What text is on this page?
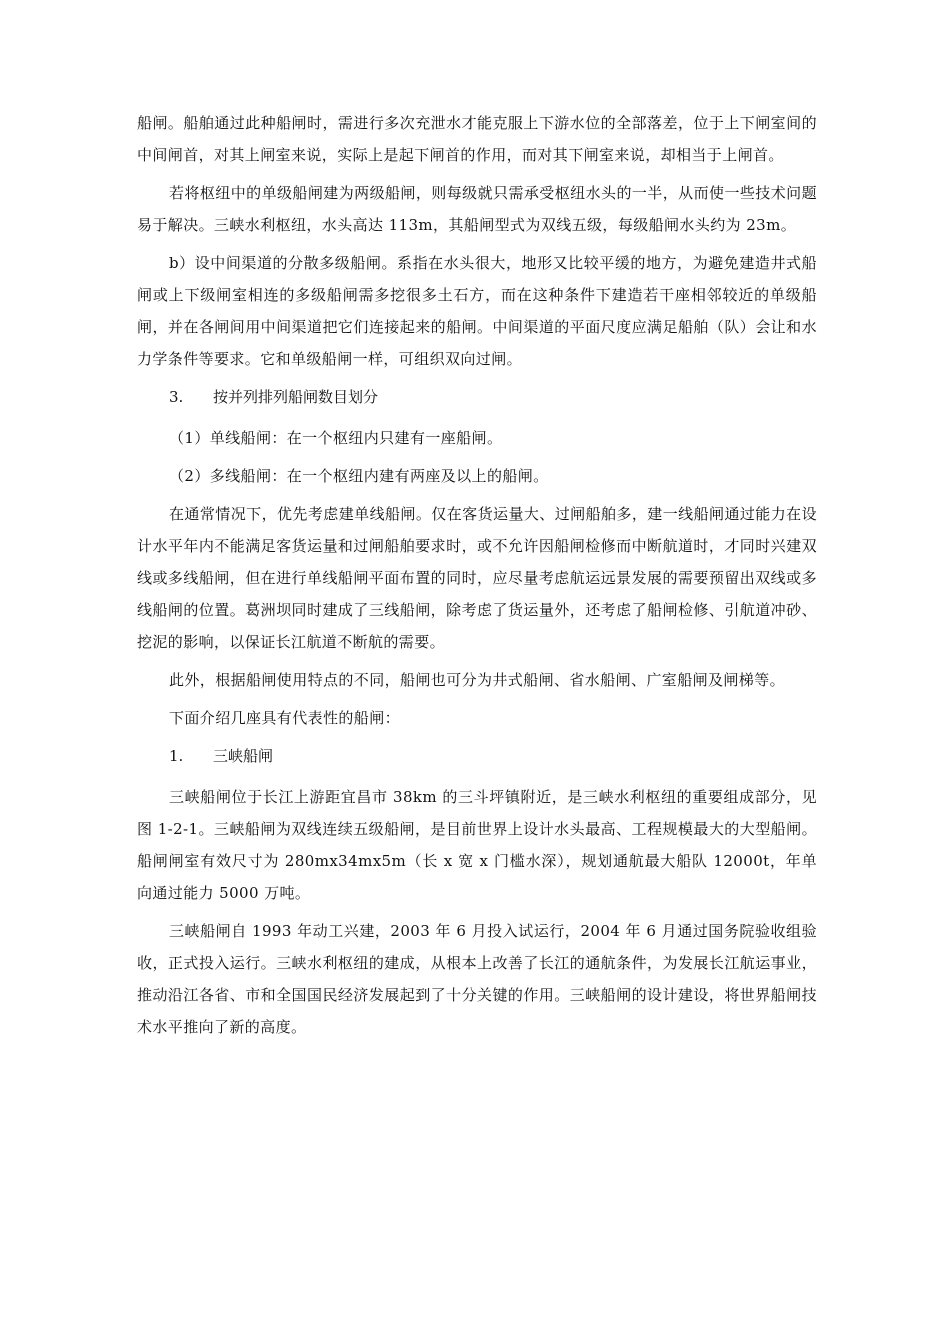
船闸。船舶通过此种船闸时，需进行多次充泄水才能克服上下游水位的全部落差，位于上下闸室间的中间闸首，对其上闸室来说，实际上是起下闸首的作用，而对其下闸室来说，却相当于上闸首。

若将枢纽中的单级船闸建为两级船闸，则每级就只需承受枢纽水头的一半，从而使一些技术问题易于解决。三峡水利枢纽，水头高达 113m，其船闸型式为双线五级，每级船闸水头约为 23m。

b）设中间渠道的分散多级船闸。系指在水头很大，地形又比较平缓的地方，为避免建造井式船闸或上下级闸室相连的多级船闸需多挖很多土石方，而在这种条件下建造若干座相邻较近的单级船闸，并在各闸间用中间渠道把它们连接起来的船闸。中间渠道的平面尺度应满足船舶（队）会让和水力学条件等要求。它和单级船闸一样，可组织双向过闸。

3. 按并列排列船闸数目划分

（1）单线船闸：在一个枢纽内只建有一座船闸。

（2）多线船闸：在一个枢纽内建有两座及以上的船闸。

在通常情况下，优先考虑建单线船闸。仅在客货运量大、过闸船舶多，建一线船闸通过能力在设计水平年内不能满足客货运量和过闸船舶要求时，或不允许因船闸检修而中断航道时，才同时兴建双线或多线船闸，但在进行单线船闸平面布置的同时，应尽量考虑航运远景发展的需要预留出双线或多线船闸的位置。葛洲坝同时建成了三线船闸，除考虑了货运量外，还考虑了船闸检修、引航道冲砂、挖泥的影响，以保证长江航道不断航的需要。

此外，根据船闸使用特点的不同，船闸也可分为井式船闸、省水船闸、广室船闸及闸梯等。

下面介绍几座具有代表性的船闸：

1. 三峡船闸

三峡船闸位于长江上游距宜昌市 38km 的三斗坪镇附近，是三峡水利枢纽的重要组成部分，见图 1-2-1。三峡船闸为双线连续五级船闸，是目前世界上设计水头最高、工程规模最大的大型船闸。船闸闸室有效尺寸为 280mx34mx5m（长 x 宽 x 门槛水深），规划通航最大船队 12000t，年单向通过能力 5000 万吨。

三峡船闸自 1993 年动工兴建，2003 年 6 月投入试运行，2004 年 6 月通过国务院验收组验收，正式投入运行。三峡水利枢纽的建成，从根本上改善了长江的通航条件，为发展长江航运事业，推动沿江各省、市和全国国民经济发展起到了十分关键的作用。三峡船闸的设计建设，将世界船闸技术水平推向了新的高度。
